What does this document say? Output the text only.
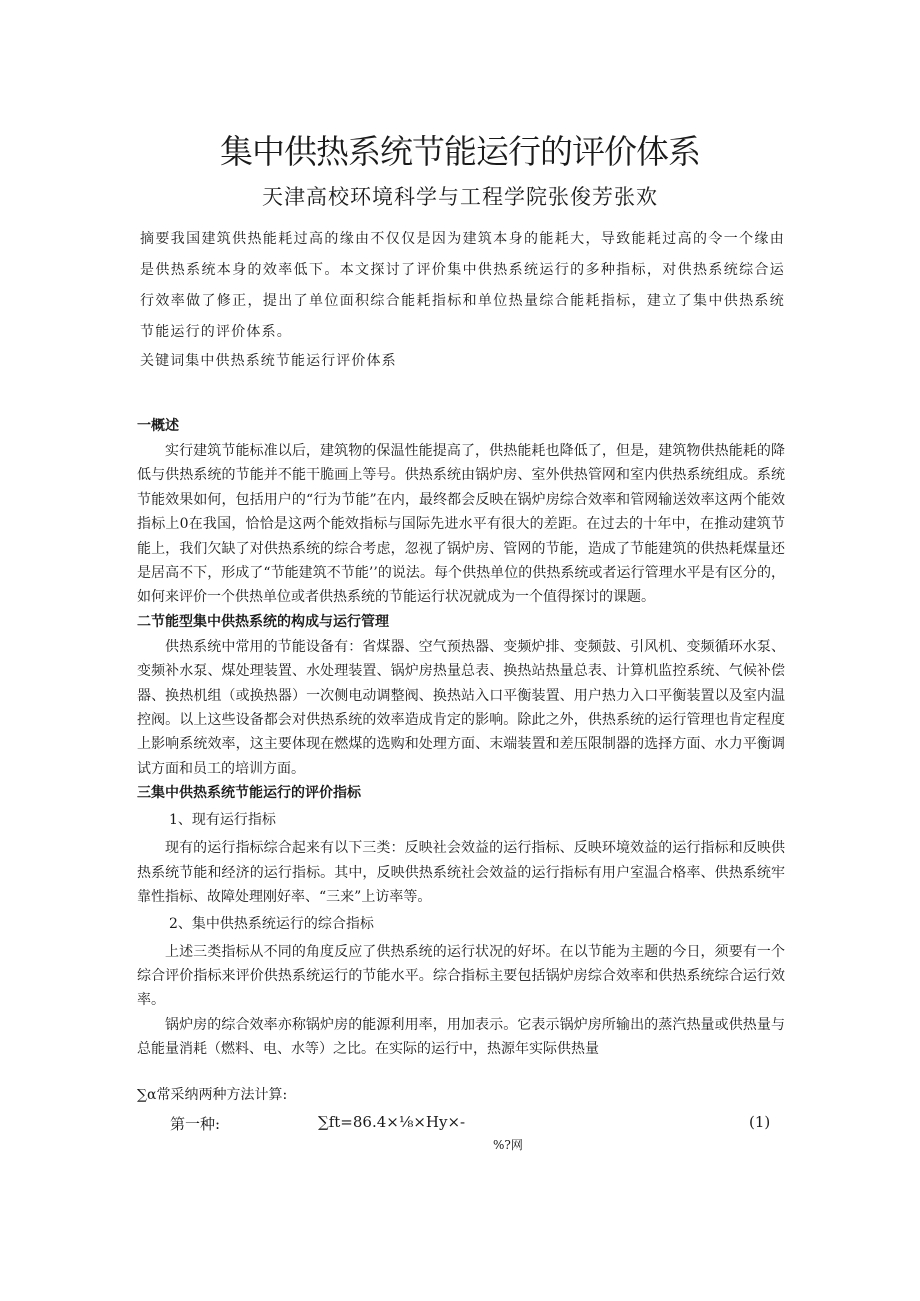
集中供热系统节能运行的评价体系

天津高校环境科学与工程学院张俊芳张欢

摘要我国建筑供热能耗过高的缘由不仅仅是因为建筑本身的能耗大，导致能耗过高的令一个缘由是供热系统本身的效率低下。本文探讨了评价集中供热系统运行的多种指标，对供热系统综合运行效率做了修正，提出了单位面积综合能耗指标和单位热量综合能耗指标，建立了集中供热系统节能运行的评价体系。

关键词集中供热系统节能运行评价体系

一概述

实行建筑节能标准以后，建筑物的保温性能提高了，供热能耗也降低了，但是，建筑物供热能耗的降低与供热系统的节能并不能干脆画上等号。供热系统由锅炉房、室外供热管网和室内供热系统组成。系统节能效果如何，包括用户的“行为节能”在内，最终都会反映在锅炉房综合效率和管网输送效率这两个能效指标上0在我国，恰恰是这两个能效指标与国际先进水平有很大的差距。在过去的十年中，在推动建筑节能上，我们欠缺了对供热系统的综合考虑，忽视了锅炉房、管网的节能，造成了节能建筑的供热耗煤量还是居高不下，形成了“节能建筑不节能’’的说法。每个供热单位的供热系统或者运行管理水平是有区分的，如何来评价一个供热单位或者供热系统的节能运行状况就成为一个值得探讨的课题。

二节能型集中供热系统的构成与运行管理

供热系统中常用的节能设备有：省煤器、空气预热器、变频炉排、变频鼓、引风机、变频循环水泵、变频补水泵、煤处理装置、水处理装置、锅炉房热量总表、换热站热量总表、计算机监控系统、气候补偿器、换热机组（或换热器）一次侧电动调整阀、换热站入口平衡装置、用户热力入口平衡装置以及室内温控阀。以上这些设备都会对供热系统的效率造成肯定的影响。除此之外，供热系统的运行管理也肯定程度上影响系统效率，这主要体现在燃煤的选购和处理方面、末端装置和差压限制器的选择方面、水力平衡调试方面和员工的培训方面。

三集中供热系统节能运行的评价指标

1、现有运行指标

现有的运行指标综合起来有以下三类：反映社会效益的运行指标、反映环境效益的运行指标和反映供热系统节能和经济的运行指标。其中，反映供热系统社会效益的运行指标有用户室温合格率、供热系统牢靠性指标、故障处理刚好率、“三来”上访率等。

2、集中供热系统运行的综合指标

上述三类指标从不同的角度反应了供热系统的运行状况的好坏。在以节能为主题的今日，须要有一个综合评价指标来评价供热系统运行的节能水平。综合指标主要包括锅炉房综合效率和供热系统综合运行效率。

锅炉房的综合效率亦称锅炉房的能源利用率，用加表示。它表示锅炉房所输出的蒸汽热量或供热量与总能量消耗（燃料、电、水等）之比。在实际的运行中，热源年实际供热量

∑α常采纳两种方法计算:

第一种:	∑ft=86.4×⅛×Hy×-	(1)
%?网
